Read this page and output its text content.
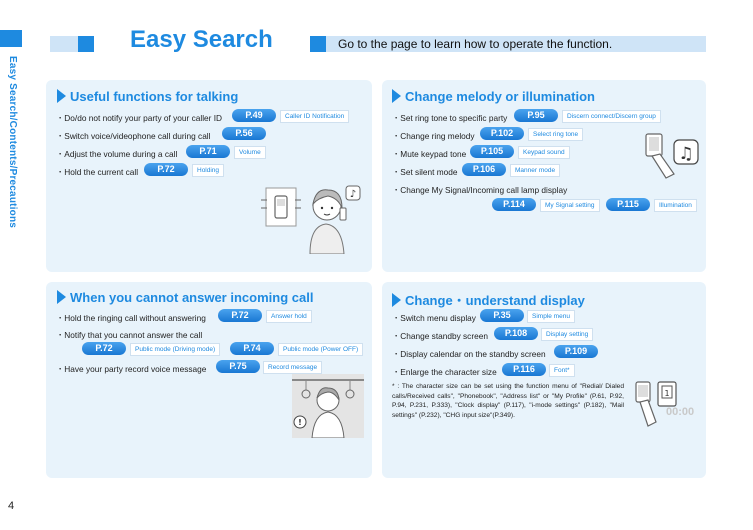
Easy Search/Contents/Precautions
Easy Search	Go to the page to learn how to operate the function.
Useful functions for talking
・Do/do not notify your party of your caller ID	P.49	Caller ID Notification
・Switch voice/videophone call during call	P.56
・Adjust the volume during a call	P.71	Volume
・Hold the current call	P.72	Holding
♪
Change melody or illumination
・Set ring tone to specific party	P.95	Discern connect/Discern group
・Change ring melody	P.102	Select ring tone
・Mute keypad tone	P.105	Keypad sound
・Set silent mode	P.106	Manner mode
・Change My Signal/Incoming call lamp display
P.114	My Signal setting	P.115	Illumination
♫
When you cannot answer incoming call
・Hold the ringing call without answering	P.72	Answer hold
・Notify that you cannot answer the call
P.72	Public mode (Driving mode)	P.74	Public mode (Power OFF)
・Have your party record voice message	P.75	Record message
!
Change・understand display
・Switch menu display	P.35	Simple menu
・Change standby screen	P.108	Display setting
・Display calendar on the standby screen	P.109
・Enlarge the character size	P.116	Font*
* : The character size can be set using the function menu of "Redial/ Dialed calls/Received calls", "Phonebook", "Address list" or "My Profile" (P.61, P.92, P.94, P.231, P.333), "Clock display" (P.117), "i-mode settings" (P.182), "Mail settings" (P.232), "CHG input size"(P.349).
1
00:00
4
